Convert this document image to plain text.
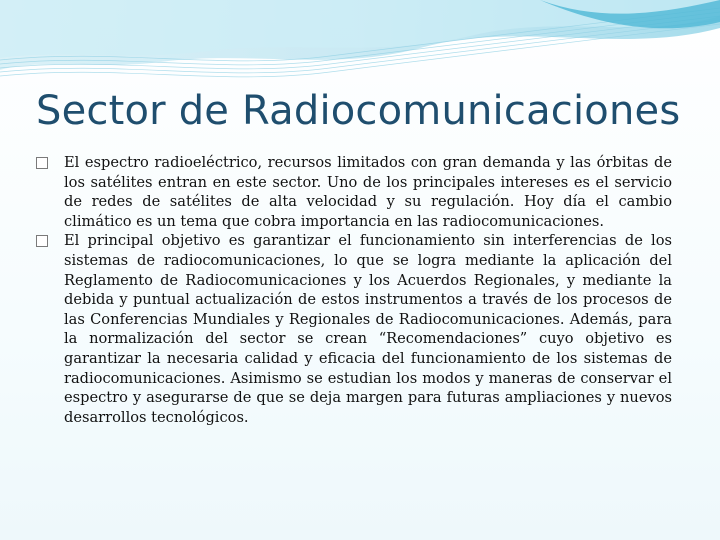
Sector de Radiocomunicaciones

El espectro radioeléctrico, recursos limitados con gran demanda y las órbitas de los satélites entran en este sector. Uno de los principales intereses es el servicio de redes de satélites de alta velocidad y su regulación. Hoy día el cambio climático es un tema que cobra importancia en las radiocomunicaciones.

El principal objetivo es garantizar el funcionamiento sin interferencias de los sistemas de radiocomunicaciones, lo que se logra mediante la aplicación del Reglamento de Radiocomunicaciones y los Acuerdos Regionales, y mediante la debida y puntual actualización de estos instrumentos a través de los procesos de las Conferencias Mundiales y Regionales de Radiocomunicaciones. Además, para la normalización del sector se crean “Recomendaciones” cuyo objetivo es garantizar la necesaria calidad y eficacia del funcionamiento de los sistemas de radiocomunicaciones. Asimismo se estudian los modos y maneras de conservar el espectro y asegurarse de que se deja margen para futuras ampliaciones y nuevos desarrollos tecnológicos.
